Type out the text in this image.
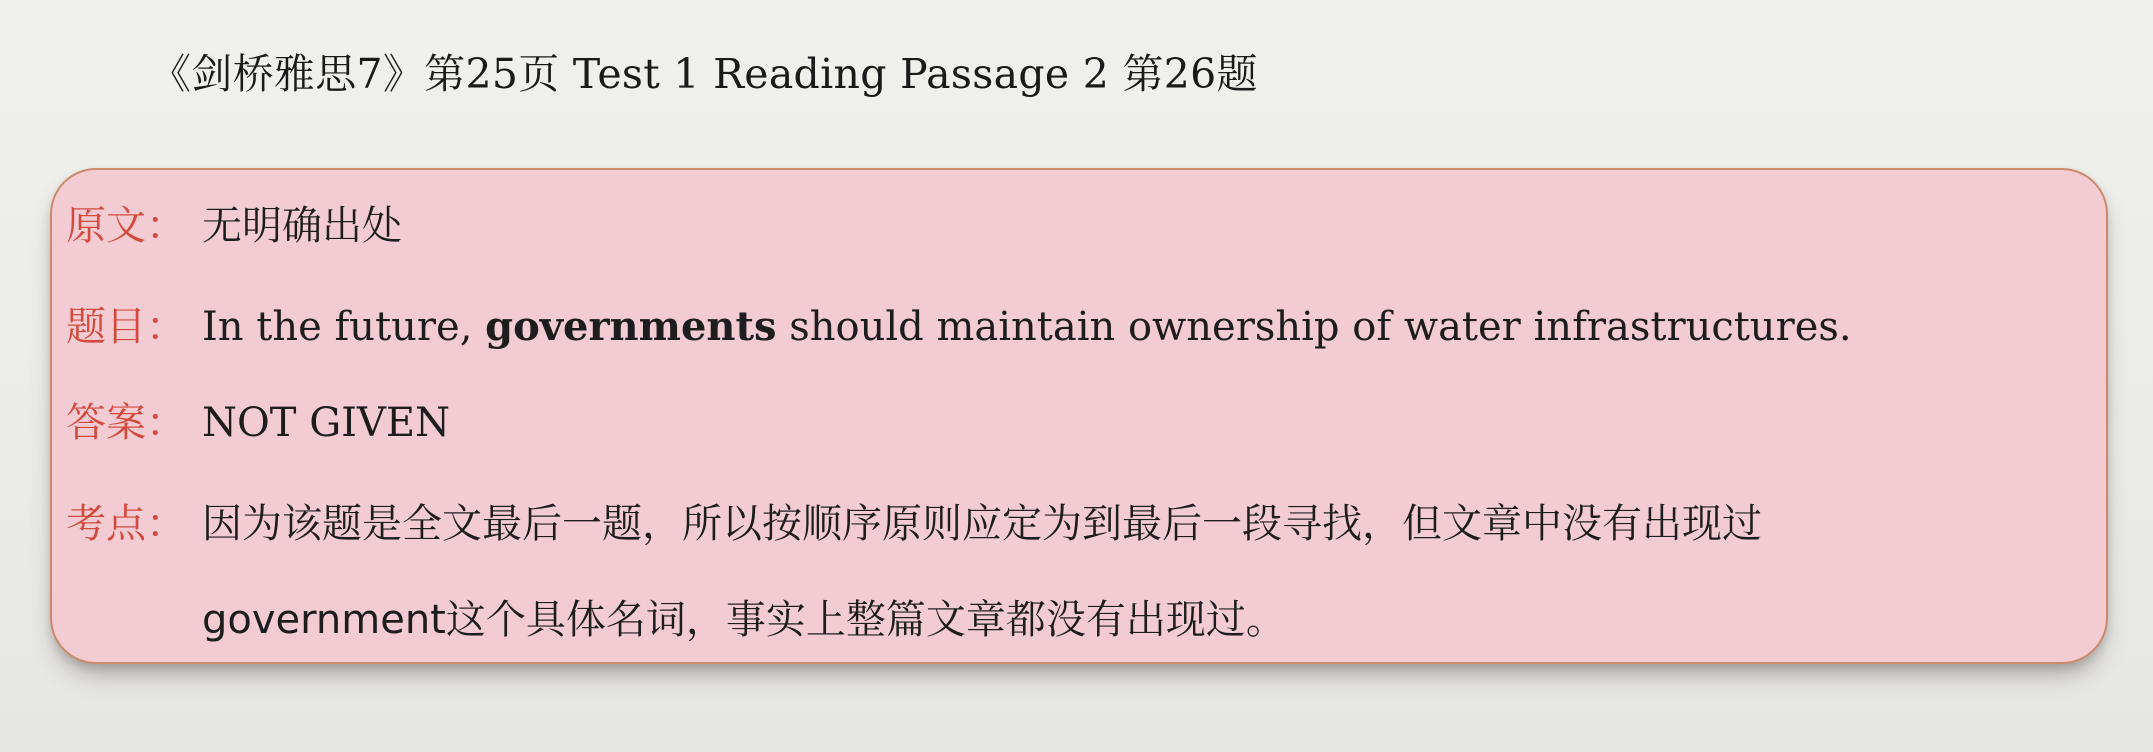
《剑桥雅思7》第25页 Test 1 Reading Passage 2 第26题
原文： 无明确出处
题目： In the future, governments should maintain ownership of water infrastructures.
答案： NOT GIVEN
考点： 因为该题是全文最后一题，所以按顺序原则应定为到最后一段寻找，但文章中没有出现过government这个具体名词，事实上整篇文章都没有出现过。
